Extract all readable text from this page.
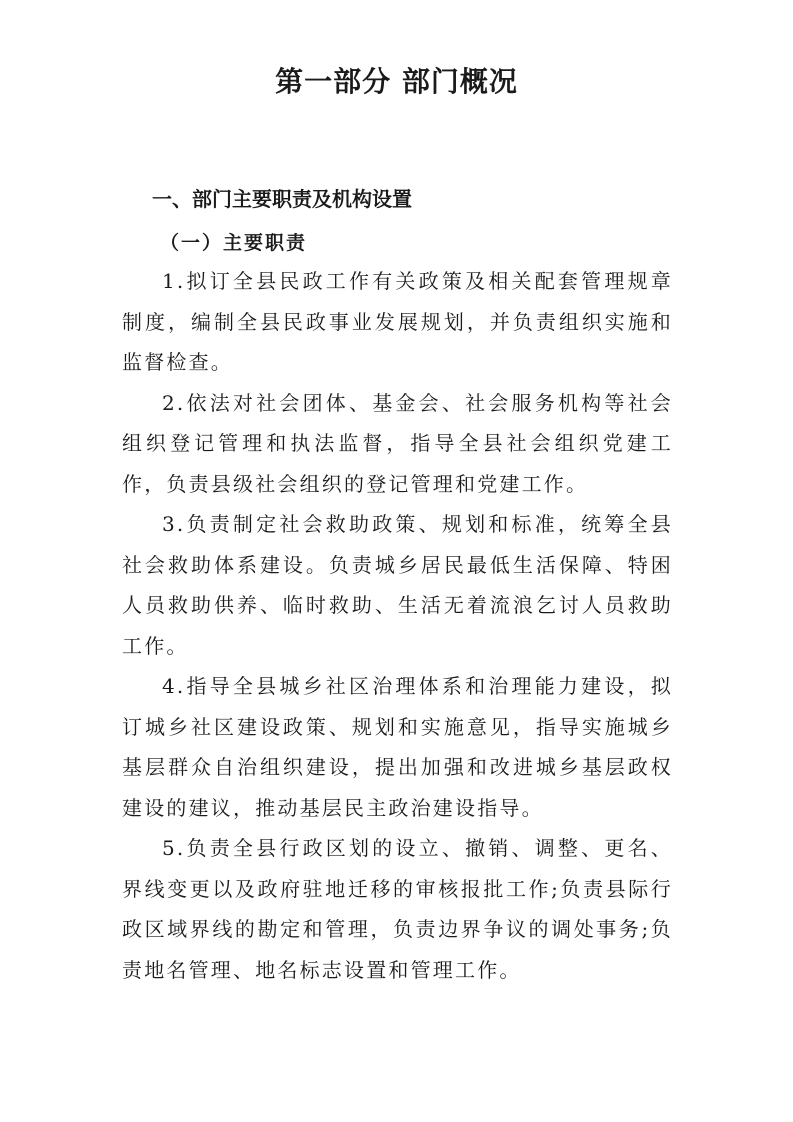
第一部分 部门概况
一、部门主要职责及机构设置
（一）主要职责

1.拟订全县民政工作有关政策及相关配套管理规章制度，编制全县民政事业发展规划，并负责组织实施和监督检查。

2.依法对社会团体、基金会、社会服务机构等社会组织登记管理和执法监督，指导全县社会组织党建工作，负责县级社会组织的登记管理和党建工作。

3.负责制定社会救助政策、规划和标准，统筹全县社会救助体系建设。负责城乡居民最低生活保障、特困人员救助供养、临时救助、生活无着流浪乞讨人员救助工作。

4.指导全县城乡社区治理体系和治理能力建设，拟订城乡社区建设政策、规划和实施意见，指导实施城乡基层群众自治组织建设，提出加强和改进城乡基层政权建设的建议，推动基层民主政治建设指导。

5.负责全县行政区划的设立、撤销、调整、更名、界线变更以及政府驻地迁移的审核报批工作;负责县际行政区域界线的勘定和管理，负责边界争议的调处事务;负责地名管理、地名标志设置和管理工作。
